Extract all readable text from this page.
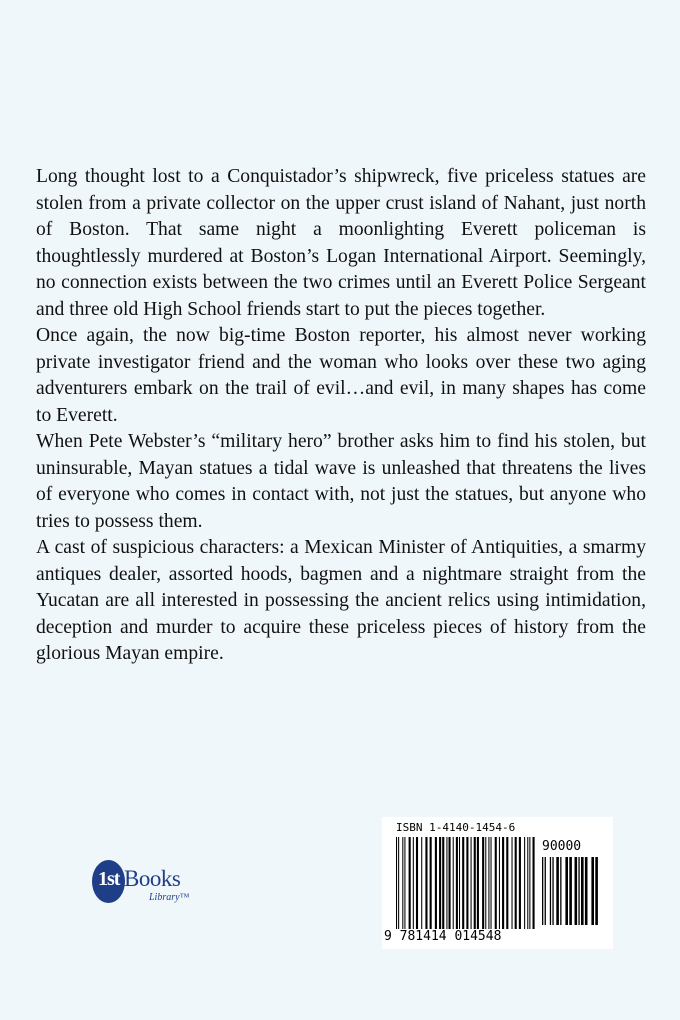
Long thought lost to a Conquistador’s shipwreck, five priceless statues are stolen from a private collector on the upper crust island of Nahant, just north of Boston. That same night a moonlighting Everett policeman is thoughtlessly murdered at Boston’s Logan International Airport. Seemingly, no connection exists between the two crimes until an Everett Police Sergeant and three old High School friends start to put the pieces together.

Once again, the now big-time Boston reporter, his almost never working private investigator friend and the woman who looks over these two aging adventurers embark on the trail of evil…and evil, in many shapes has come to Everett.

When Pete Webster’s “military hero” brother asks him to find his stolen, but uninsurable, Mayan statues a tidal wave is unleashed that threatens the lives of everyone who comes in contact with, not just the statues, but anyone who tries to possess them.

A cast of suspicious characters: a Mexican Minister of Antiquities, a smarmy antiques dealer, assorted hoods, bagmen and a nightmare straight from the Yucatan are all interested in possessing the ancient relics using intimidation, deception and murder to acquire these priceless pieces of history from the glorious Mayan empire.

1st Books
Library™
ISBN 1-4140-1454-6
90000
9 781414 014548
